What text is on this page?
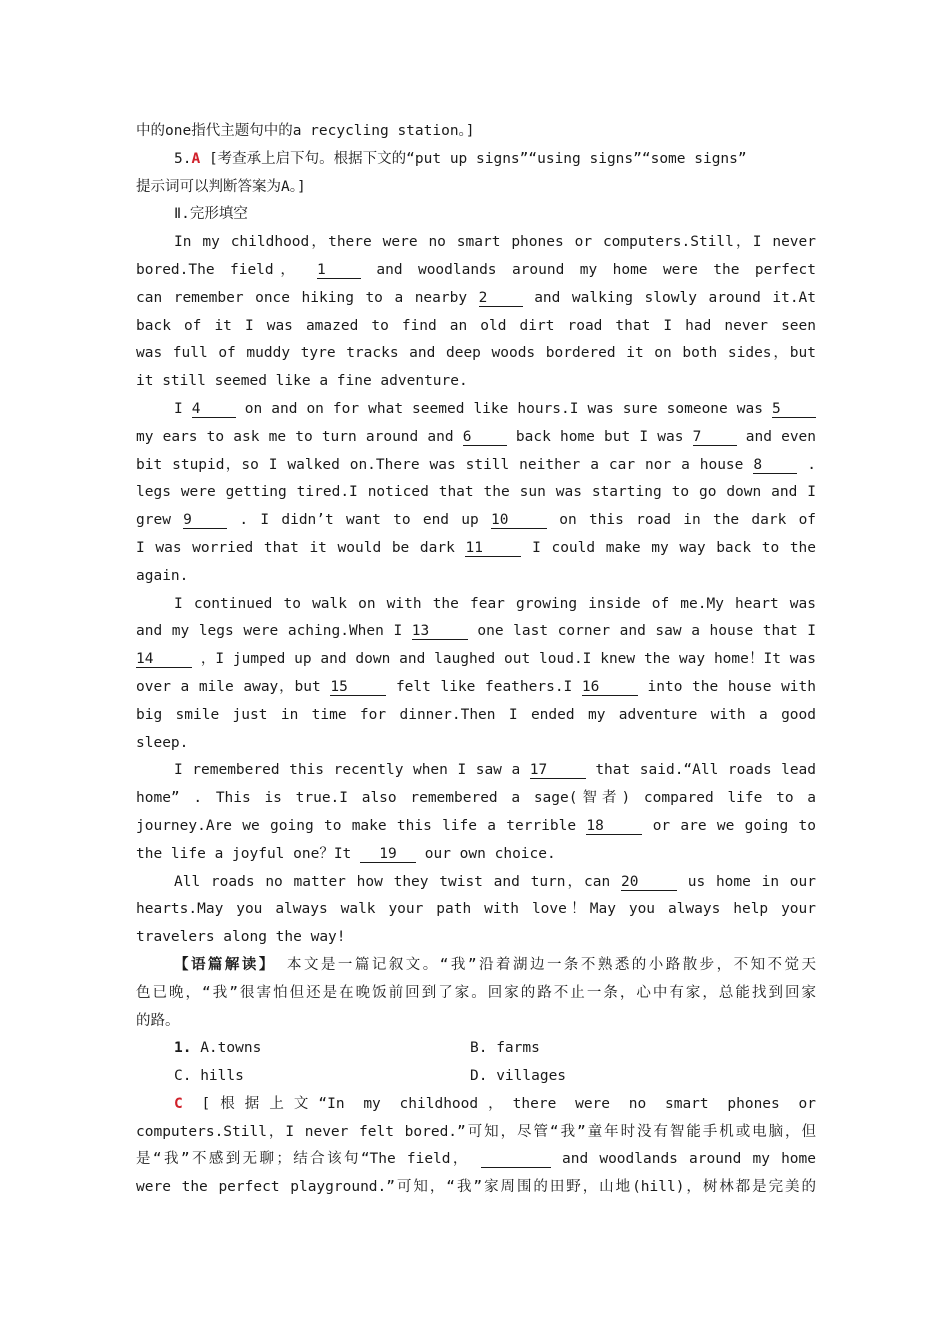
中的one指代主题句中的a recycling station。]
5.A [考查承上启下句。根据下文的“put up signs”“using signs”“some signs”
提示词可以判断答案为A。]
Ⅱ.完形填空
In my childhood，there were no smart phones or computers.Still，I never
bored.The field， 1	and woodlands around my home were the perfect
can remember once hiking to a nearby 2	and walking slowly around it.At
back of it I was amazed to find an old dirt road that I had never seen
was full of muddy tyre tracks and deep woods bordered it on both sides，but
it still seemed like a fine adventure.
I 4	on and on for what seemed like hours.I was sure someone was 5
my ears to ask me to turn around and 6	back home but I was 7	and even
bit stupid，so I walked on.There was still neither a car nor a house 8	.
legs were getting tired.I noticed that the sun was starting to go down and I
grew 9	. I didn’t want to end up 10	on this road in the dark of
I was worried that it would be dark 11	I could make my way back to the
again.
I continued to walk on with the fear growing inside of me.My heart was
and my legs were aching.When I 13	one last corner and saw a house that I
14	，I jumped up and down and laughed out loud.I knew the way home！It was
over a mile away，but 15	felt like feathers.I 16	into the house with
big smile just in time for dinner.Then I ended my adventure with a good
sleep.
I remembered this recently when I saw a 17	that said.“All roads lead
home” . This is true.I also remembered a sage(智者) compared life to a
journey.Are we going to make this life a terrible 18	or are we going to
the life a joyful one？It 19 our own choice.
All roads no matter how they twist and turn，can 20	us home in our
hearts.May you always walk your path with love！May you always help your
travelers along the way!
【语篇解读】 本文是一篇记叙文。“我”沿着湖边一条不熟悉的小路散步，不知不觉天
色已晚，“我”很害怕但还是在晚饭前回到了家。回家的路不止一条，心中有家，总能找到回家
的路。
1. A.towns	B. farms
C. hills	D. villages
C [根据上文“In my childhood，there were no smart phones or
computers.Still，I never felt bored.”可知，尽管“我”童年时没有智能手机或电脑，但
是“我”不感到无聊；结合该句“The field，	and woodlands around my home
were the perfect playground.”可知，“我”家周围的田野，山地(hill)，树林都是完美的
